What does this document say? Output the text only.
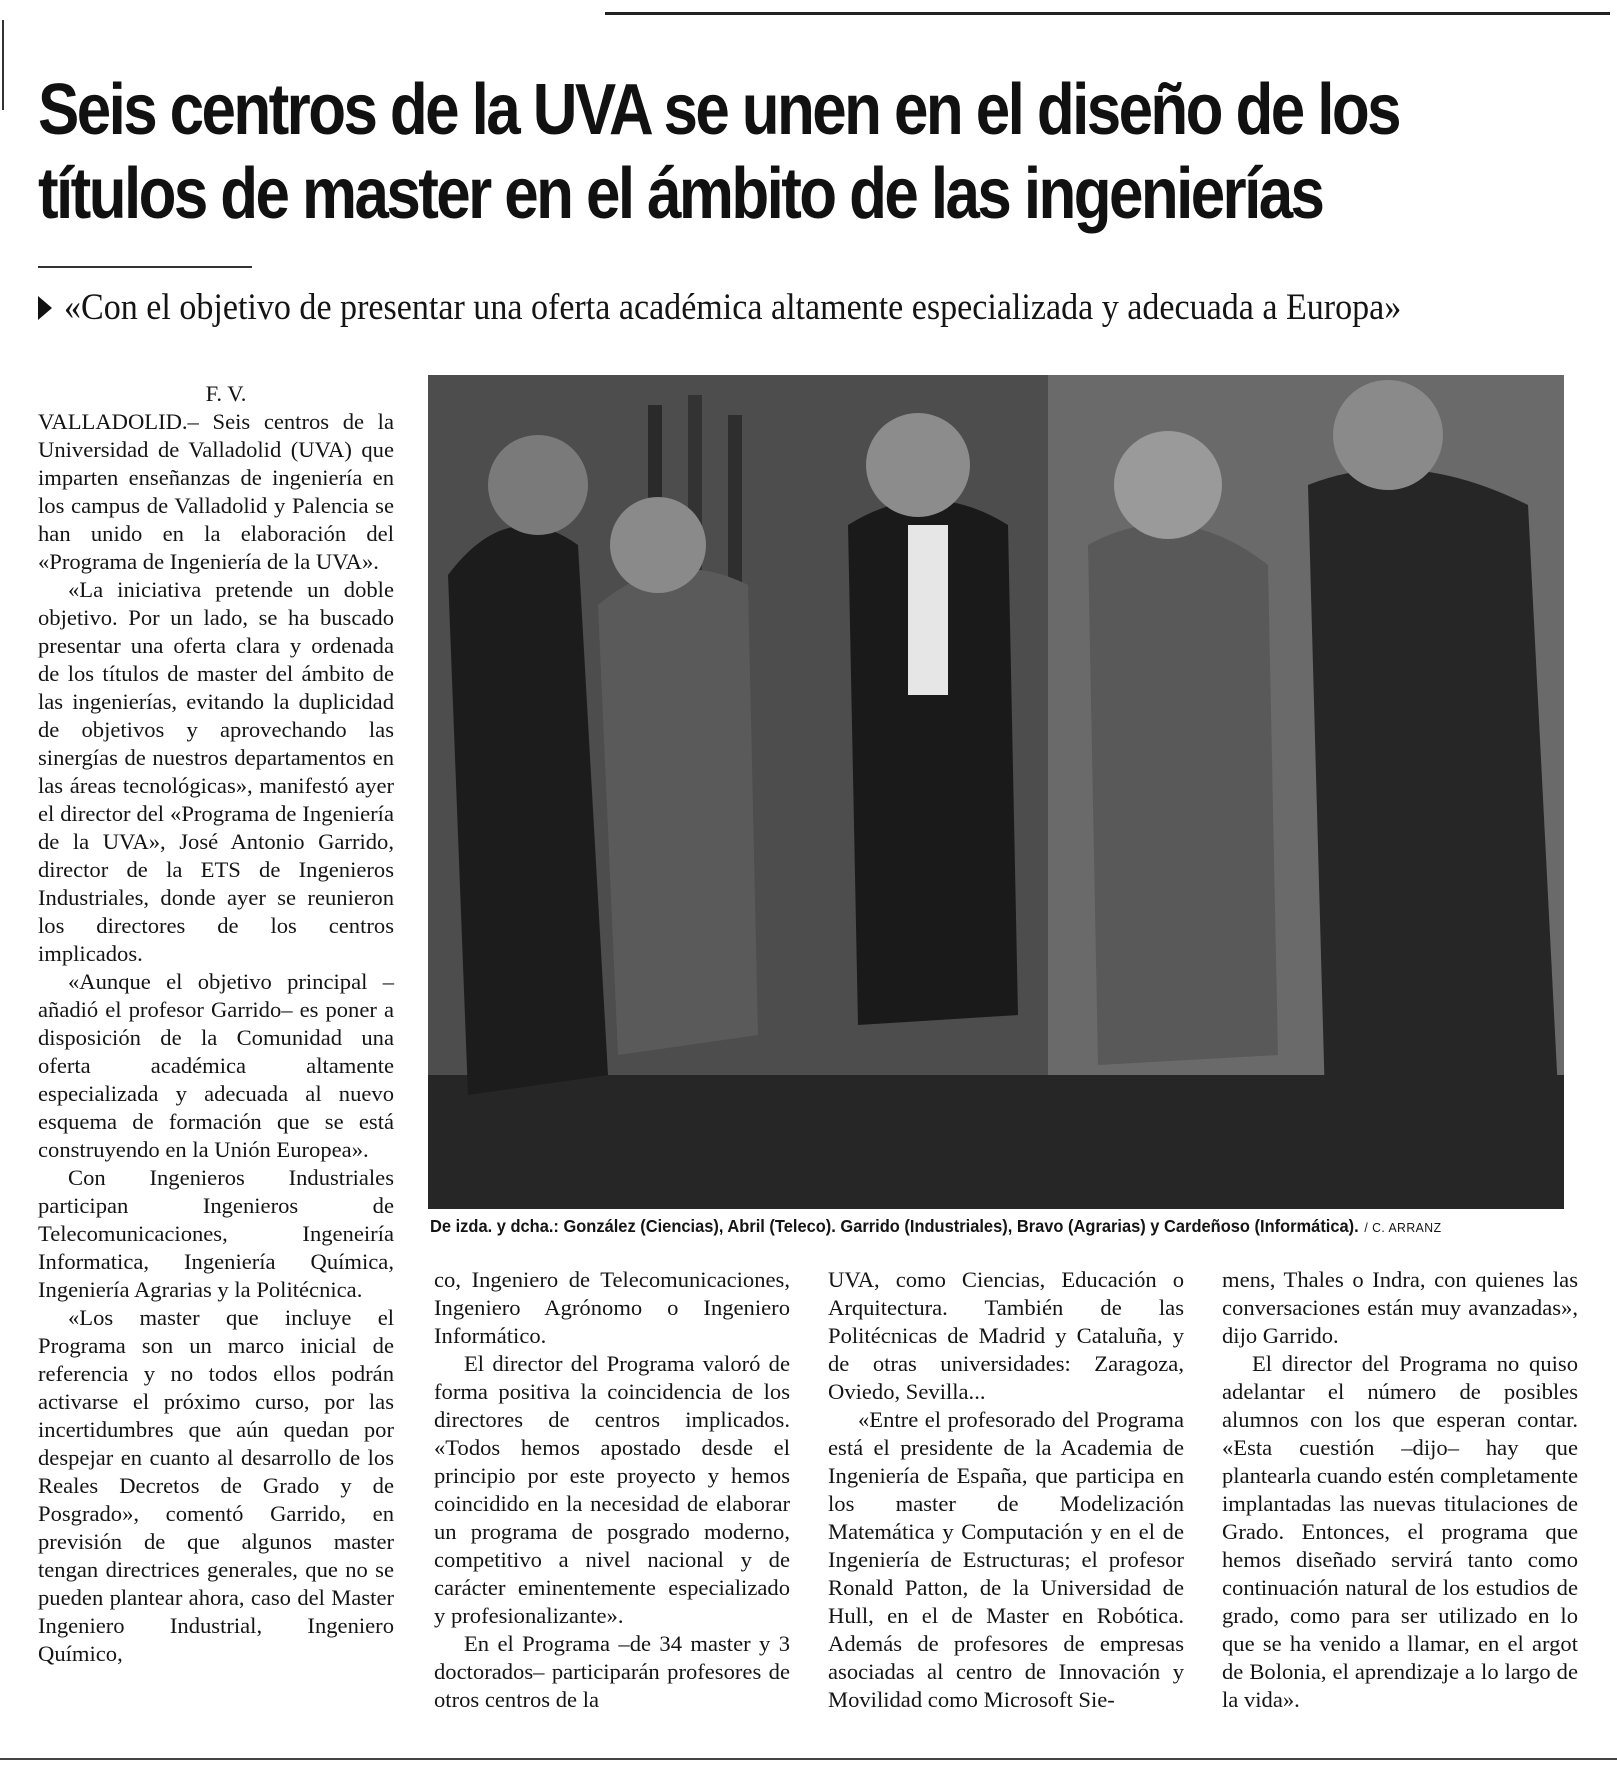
Seis centros de la UVA se unen en el diseño de los
títulos de master en el ámbito de las ingenierías
«Con el objetivo de presentar una oferta académica altamente especializada y adecuada a Europa»

F. V.

VALLADOLID.– Seis centros de la Universidad de Valladolid (UVA) que imparten enseñanzas de ingeniería en los campus de Valladolid y Palencia se han unido en la elaboración del «Programa de Ingeniería de la UVA».

«La iniciativa pretende un doble objetivo. Por un lado, se ha buscado presentar una oferta clara y ordenada de los títulos de master del ámbito de las ingenierías, evitando la duplicidad de objetivos y aprovechando las sinergías de nuestros departamentos en las áreas tecnológicas», manifestó ayer el director del «Programa de Ingeniería de la UVA», José Antonio Garrido, director de la ETS de Ingenieros Industriales, donde ayer se reunieron los directores de los centros implicados.

«Aunque el objetivo principal –añadió el profesor Garrido– es poner a disposición de la Comunidad una oferta académica altamente especializada y adecuada al nuevo esquema de formación que se está construyendo en la Unión Europea».

Con Ingenieros Industriales participan Ingenieros de Telecomunicaciones, Ingeneiría Informatica, Ingeniería Química, Ingeniería Agrarias y la Politécnica.

«Los master que incluye el Programa son un marco inicial de referencia y no todos ellos podrán activarse el próximo curso, por las incertidumbres que aún quedan por despejar en cuanto al desarrollo de los Reales Decretos de Grado y de Posgrado», comentó Garrido, en previsión de que algunos master tengan directrices generales, que no se pueden plantear ahora, caso del Master Ingeniero Industrial, Ingeniero Químico,

De izda. y dcha.: González (Ciencias), Abril (Teleco). Garrido (Industriales), Bravo (Agrarias) y Cardeñoso (Informática). / C. ARRANZ

co, Ingeniero de Telecomunicaciones, Ingeniero Agrónomo o Ingeniero Informático.

El director del Programa valoró de forma positiva la coincidencia de los directores de centros implicados. «Todos hemos apostado desde el principio por este proyecto y hemos coincidido en la necesidad de elaborar un programa de posgrado moderno, competitivo a nivel nacional y de carácter eminentemente especializado y profesionalizante».

En el Programa –de 34 master y 3 doctorados– participarán profesores de otros centros de la

UVA, como Ciencias, Educación o Arquitectura. También de las Politécnicas de Madrid y Cataluña, y de otras universidades: Zaragoza, Oviedo, Sevilla...

«Entre el profesorado del Programa está el presidente de la Academia de Ingeniería de España, que participa en los master de Modelización Matemática y Computación y en el de Ingeniería de Estructuras; el profesor Ronald Patton, de la Universidad de Hull, en el de Master en Robótica. Además de profesores de empresas asociadas al centro de Innovación y Movilidad como Microsoft Sie-

mens, Thales o Indra, con quienes las conversaciones están muy avanzadas», dijo Garrido.

El director del Programa no quiso adelantar el número de posibles alumnos con los que esperan contar. «Esta cuestión –dijo– hay que plantearla cuando estén completamente implantadas las nuevas titulaciones de Grado. Entonces, el programa que hemos diseñado servirá tanto como continuación natural de los estudios de grado, como para ser utilizado en lo que se ha venido a llamar, en el argot de Bolonia, el aprendizaje a lo largo de la vida».
